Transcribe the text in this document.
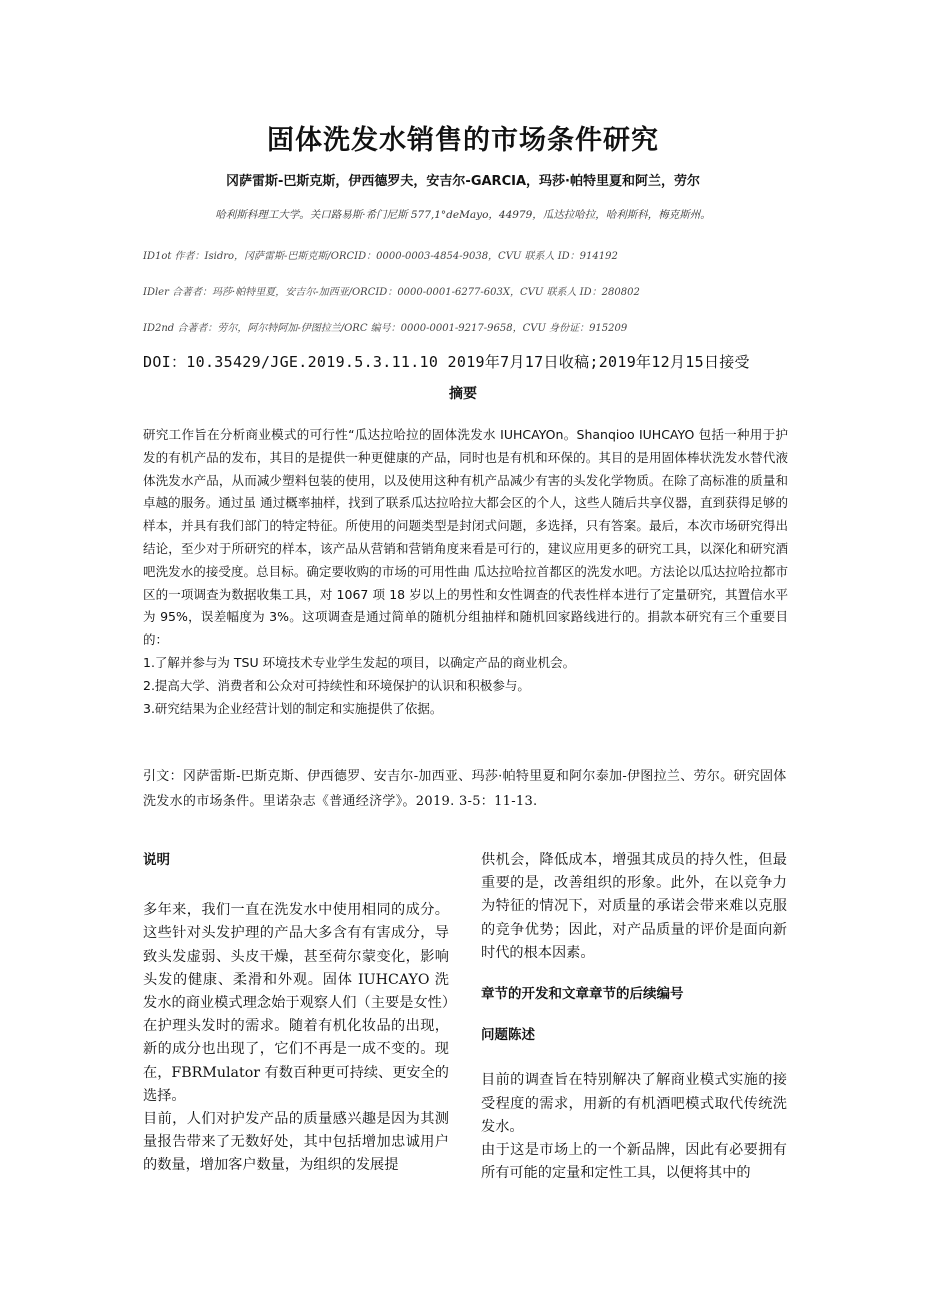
固体洗发水销售的市场条件研究
冈萨雷斯-巴斯克斯，伊西德罗夫，安吉尔-GARCIA，玛莎·帕特里夏和阿兰，劳尔
哈利斯科理工大学。关口路易斯·希门尼斯 577,1°deMayo，44979，瓜达拉哈拉，哈利斯科，梅克斯州。
ID1ot 作者：Isidro，冈萨雷斯-巴斯克斯/ORCID：0000-0003-4854-9038，CVU 联系人 ID：914192
IDler 合著者：玛莎·帕特里夏，安吉尔-加西亚/ORCID：0000-0001-6277-603X，CVU 联系人 ID：280802
ID2nd 合著者：劳尔，阿尔特阿加-伊图拉兰/ORC 编号：0000-0001-9217-9658，CVU 身份证：915209
DOI：10.35429/JGE.2019.5.3.11.10 2019年7月17日收稿;2019年12月15日接受
摘要

研究工作旨在分析商业模式的可行性“瓜达拉哈拉的固体洗发水 IUHCAYOn。Shanqioo IUHCAYO 包括一种用于护发的有机产品的发布，其目的是提供一种更健康的产品，同时也是有机和环保的。其目的是用固体棒状洗发水替代液体洗发水产品，从而减少塑料包装的使用，以及使用这种有机产品减少有害的头发化学物质。在除了高标准的质量和卓越的服务。通过虽 通过概率抽样，找到了联系瓜达拉哈拉大都会区的个人，这些人随后共享仪器，直到获得足够的样本，并具有我们部门的特定特征。所使用的问题类型是封闭式问题，多选择，只有答案。最后，本次市场研究得出结论，至少对于所研究的样本，该产品从营销和营销角度来看是可行的，建议应用更多的研究工具，以深化和研究酒吧洗发水的接受度。总目标。确定要收购的市场的可用性曲 瓜达拉哈拉首都区的洗发水吧。方法论以瓜达拉哈拉都市区的一项调查为数据收集工具，对 1067 项 18 岁以上的男性和女性调查的代表性样本进行了定量研究，其置信水平为 95%，误差幅度为 3%。这项调查是通过简单的随机分组抽样和随机回家路线进行的。捐款本研究有三个重要目的：

1.了解并参与为 TSU 环境技术专业学生发起的项目，以确定产品的商业机会。

2.提高大学、消费者和公众对可持续性和环境保护的认识和积极参与。

3.研究结果为企业经营计划的制定和实施提供了依据。

引文：冈萨雷斯-巴斯克斯、伊西德罗、安吉尔-加西亚、玛莎·帕特里夏和阿尔泰加-伊图拉兰、劳尔。研究固体洗发水的市场条件。里诺杂志《普通经济学》。2019. 3-5：11-13.
说明

多年来，我们一直在洗发水中使用相同的成分。这些针对头发护理的产品大多含有有害成分，导致头发虚弱、头皮干燥，甚至荷尔蒙变化，影响头发的健康、柔滑和外观。固体 IUHCAYO 洗发水的商业模式理念始于观察人们（主要是女性）在护理头发时的需求。随着有机化妆品的出现，新的成分也出现了，它们不再是一成不变的。现在，FBRMulator 有数百种更可持续、更安全的选择。

目前，人们对护发产品的质量感兴趣是因为其测量报告带来了无数好处，其中包括增加忠诚用户的数量，增加客户数量，为组织的发展提

供机会，降低成本，增强其成员的持久性，但最重要的是，改善组织的形象。此外，在以竞争力为特征的情况下，对质量的承诺会带来难以克服的竞争优势；因此，对产品质量的评价是面向新时代的根本因素。

章节的开发和文章章节的后续编号
问题陈述

目前的调查旨在特别解决了解商业模式实施的接受程度的需求，用新的有机酒吧模式取代传统洗发水。

由于这是市场上的一个新品牌，因此有必要拥有所有可能的定量和定性工具，以便将其中的
